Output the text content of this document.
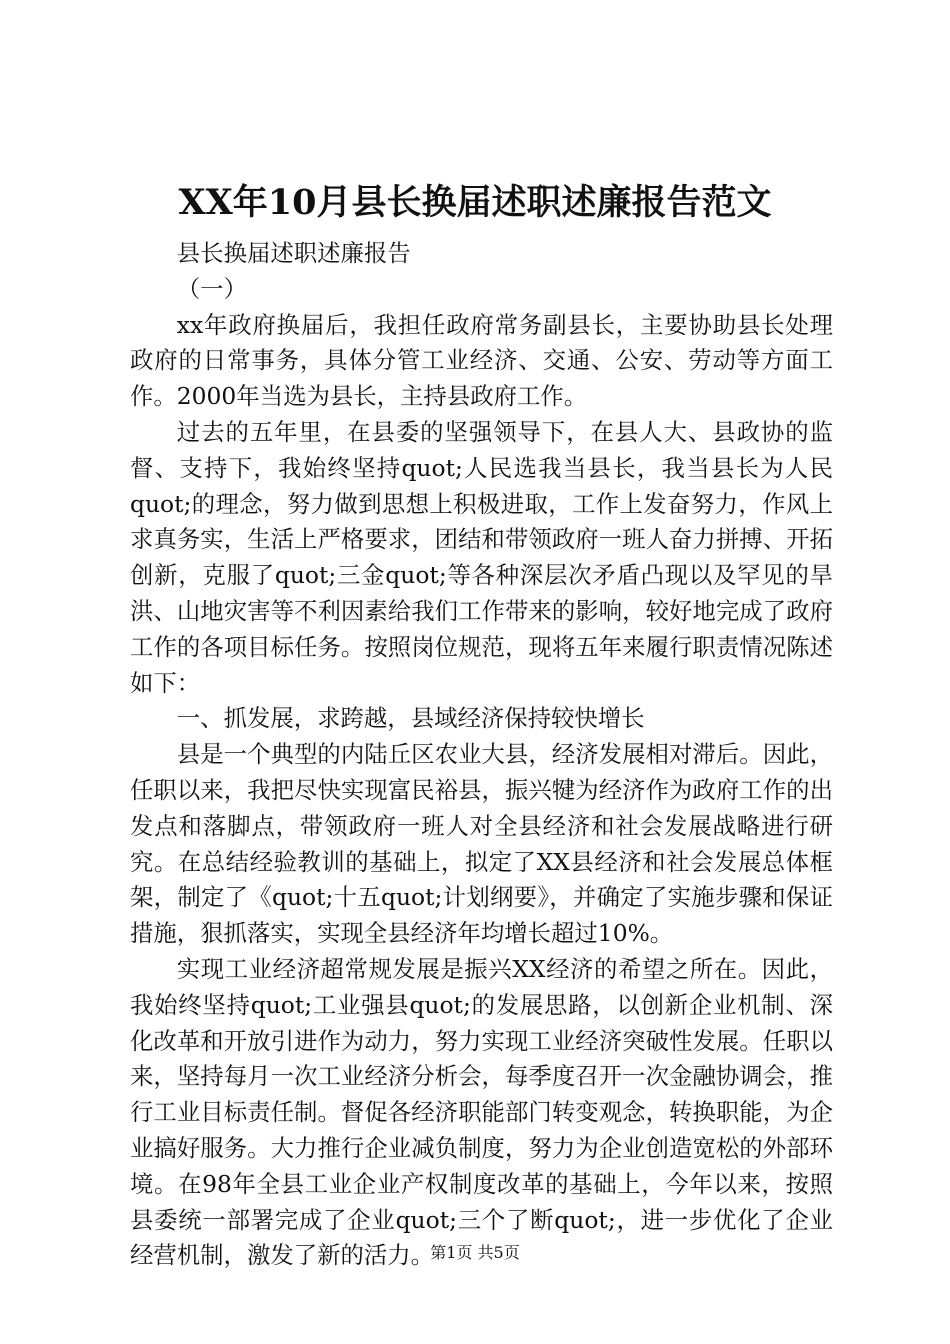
XX年10月县长换届述职述廉报告范文

县长换届述职述廉报告

（一）

xx年政府换届后，我担任政府常务副县长，主要协助县长处理政府的日常事务，具体分管工业经济、交通、公安、劳动等方面工作。2000年当选为县长，主持县政府工作。

过去的五年里，在县委的坚强领导下，在县人大、县政协的监督、支持下，我始终坚持quot;人民选我当县长，我当县长为人民quot;的理念，努力做到思想上积极进取，工作上发奋努力，作风上求真务实，生活上严格要求，团结和带领政府一班人奋力拼搏、开拓创新，克服了quot;三金quot;等各种深层次矛盾凸现以及罕见的旱洪、山地灾害等不利因素给我们工作带来的影响，较好地完成了政府工作的各项目标任务。按照岗位规范，现将五年来履行职责情况陈述如下：

一、抓发展，求跨越，县域经济保持较快增长

县是一个典型的内陆丘区农业大县，经济发展相对滞后。因此，任职以来，我把尽快实现富民裕县，振兴犍为经济作为政府工作的出发点和落脚点，带领政府一班人对全县经济和社会发展战略进行研究。在总结经验教训的基础上，拟定了XX县经济和社会发展总体框架，制定了《quot;十五quot;计划纲要》，并确定了实施步骤和保证措施，狠抓落实，实现全县经济年均增长超过10%。

实现工业经济超常规发展是振兴XX经济的希望之所在。因此，我始终坚持quot;工业强县quot;的发展思路，以创新企业机制、深化改革和开放引进作为动力，努力实现工业经济突破性发展。任职以来，坚持每月一次工业经济分析会，每季度召开一次金融协调会，推行工业目标责任制。督促各经济职能部门转变观念，转换职能，为企业搞好服务。大力推行企业减负制度，努力为企业创造宽松的外部环境。在98年全县工业企业产权制度改革的基础上，今年以来，按照县委统一部署完成了企业quot;三个了断quot;，进一步优化了企业经营机制，激发了新的活力。

第1页 共5页
